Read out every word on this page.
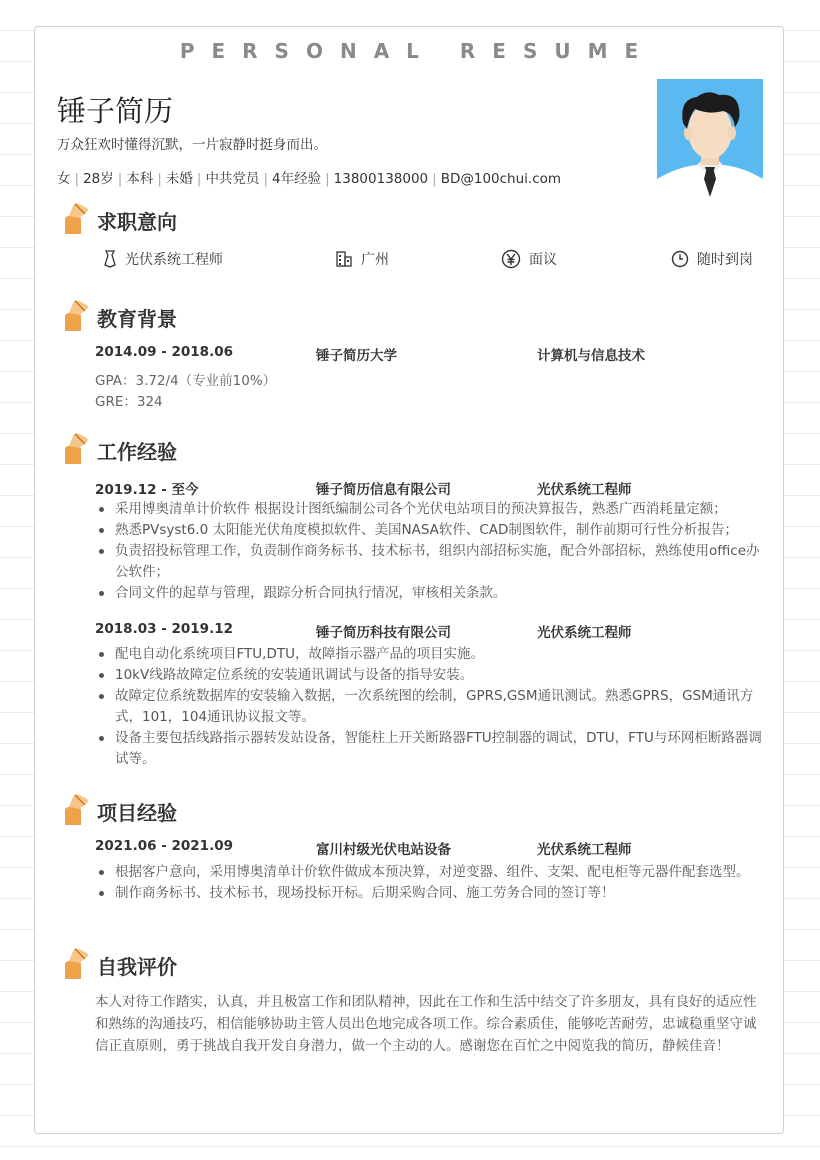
PERSONAL RESUME
锤子简历
万众狂欢时懂得沉默，一片寂静时挺身而出。
女 | 28岁 | 本科 | 未婚 | 中共党员 | 4年经验 | 13800138000 | BD@100chui.com
求职意向
光伏系统工程师	广州	面议	随时到岗
教育背景
2014.09 - 2018.06	锤子简历大学	计算机与信息技术
GPA：3.72/4（专业前10%）
GRE：324
工作经验
2019.12 - 至今	锤子简历信息有限公司	光伏系统工程师
采用博奥清单计价软件 根据设计图纸编制公司各个光伏电站项目的预决算报告，熟悉广西消耗量定额；
熟悉PVsyst6.0 太阳能光伏角度模拟软件、美国NASA软件、CAD制图软件，制作前期可行性分析报告；
负责招投标管理工作，负责制作商务标书、技术标书，组织内部招标实施，配合外部招标，熟练使用office办公软件；
合同文件的起草与管理，跟踪分析合同执行情况，审核相关条款。
2018.03 - 2019.12	锤子简历科技有限公司	光伏系统工程师
配电自动化系统项目FTU,DTU，故障指示器产品的项目实施。
10kV线路故障定位系统的安装通讯调试与设备的指导安装。
故障定位系统数据库的安装输入数据，一次系统图的绘制，GPRS,GSM通讯测试。熟悉GPRS，GSM通讯方式，101，104通讯协议报文等。
设备主要包括线路指示器转发站设备，智能柱上开关断路器FTU控制器的调试，DTU，FTU与环网柜断路器调试等。
项目经验
2021.06 - 2021.09	富川村级光伏电站设备	光伏系统工程师
根据客户意向，采用博奥清单计价软件做成本预决算，对逆变器、组件、支架、配电柜等元器件配套选型。
制作商务标书、技术标书，现场投标开标。后期采购合同、施工劳务合同的签订等！
自我评价
本人对待工作踏实，认真，并且极富工作和团队精神，因此在工作和生活中结交了许多朋友，具有良好的适应性和熟练的沟通技巧，相信能够协助主管人员出色地完成各项工作。综合素质佳，能够吃苦耐劳，忠诚稳重坚守诚信正直原则，勇于挑战自我开发自身潜力，做一个主动的人。感谢您在百忙之中阅览我的简历，静候佳音！
